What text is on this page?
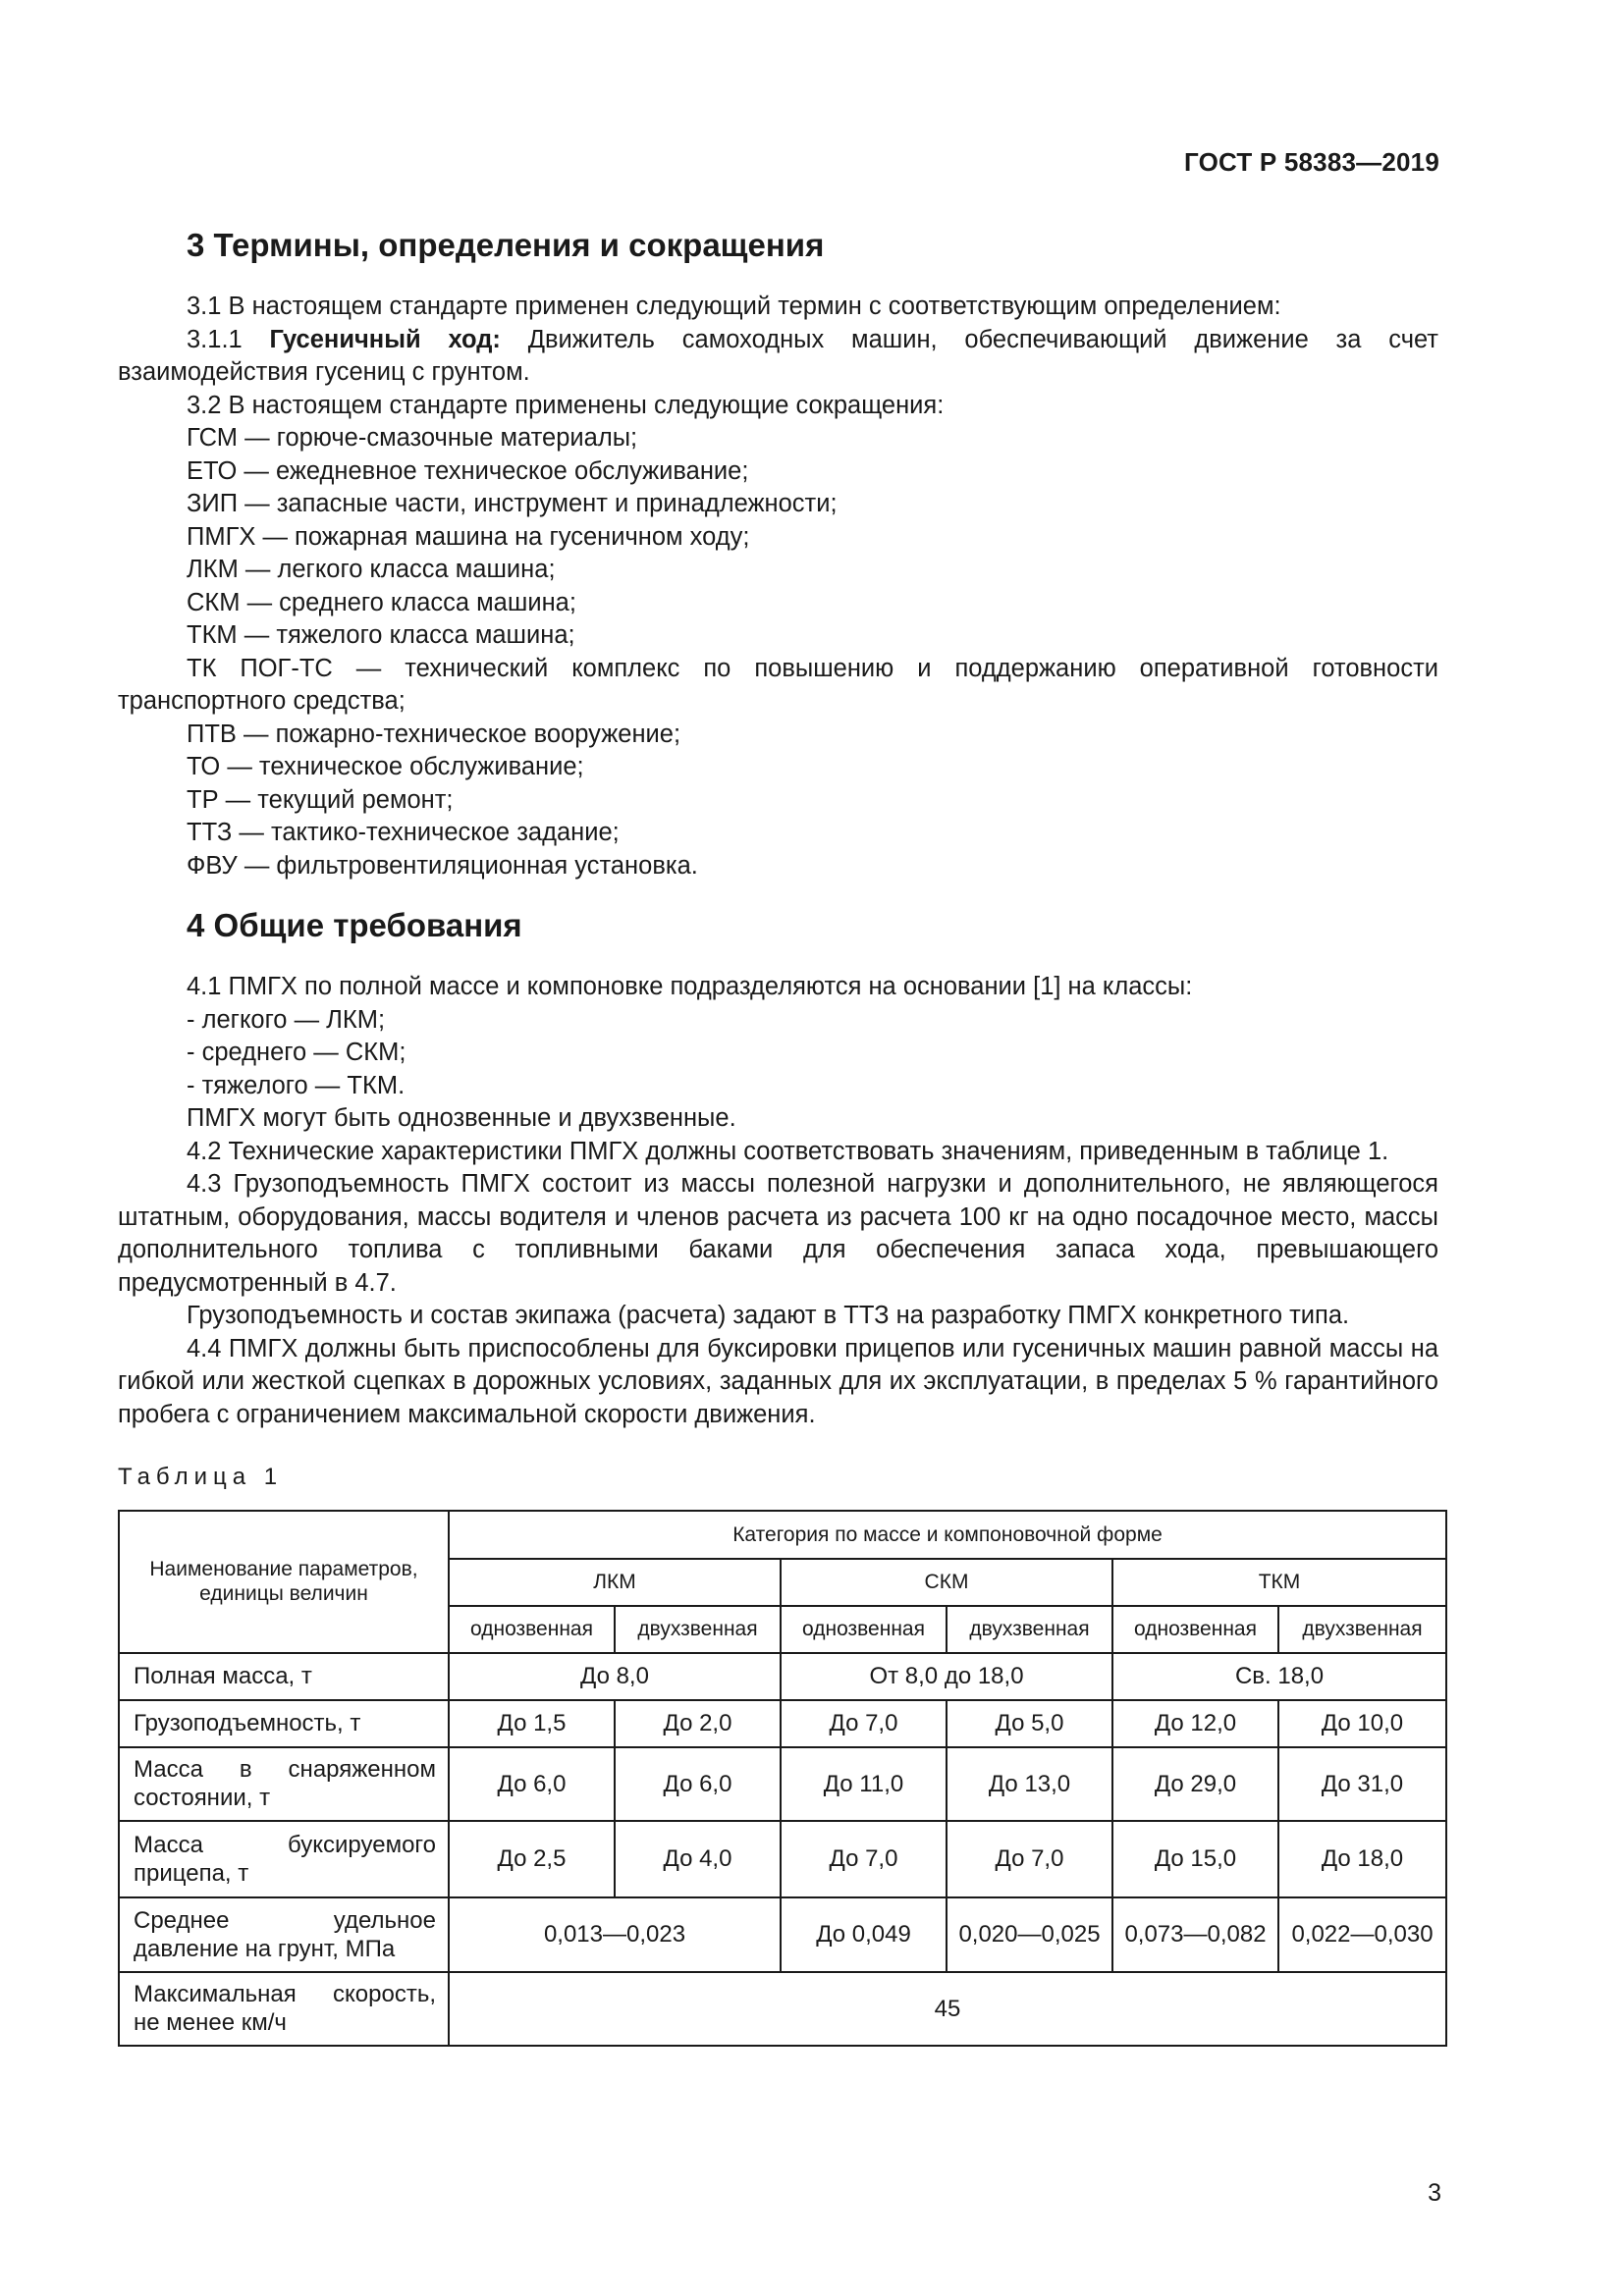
ГОСТ Р 58383—2019
3 Термины, определения и сокращения

3.1 В настоящем стандарте применен следующий термин с соответствующим определением:

3.1.1 Гусеничный ход: Движитель самоходных машин, обеспечивающий движение за счет взаимодействия гусениц с грунтом.

3.2 В настоящем стандарте применены следующие сокращения:

ГСМ — горюче-смазочные материалы;

ЕТО — ежедневное техническое обслуживание;

ЗИП — запасные части, инструмент и принадлежности;

ПМГХ — пожарная машина на гусеничном ходу;

ЛКМ — легкого класса машина;

СКМ — среднего класса машина;

ТКМ — тяжелого класса машина;

ТК ПОГ-ТС — технический комплекс по повышению и поддержанию оперативной готовности транспортного средства;

ПТВ — пожарно-техническое вооружение;

ТО — техническое обслуживание;

ТР — текущий ремонт;

ТТЗ — тактико-техническое задание;

ФВУ — фильтровентиляционная установка.

4 Общие требования

4.1 ПМГХ по полной массе и компоновке подразделяются на основании [1] на классы:

- легкого — ЛКМ;

- среднего — СКМ;

- тяжелого — ТКМ.

ПМГХ могут быть однозвенные и двухзвенные.

4.2 Технические характеристики ПМГХ должны соответствовать значениям, приведенным в таблице 1.

4.3 Грузоподъемность ПМГХ состоит из массы полезной нагрузки и дополнительного, не являющегося штатным, оборудования, массы водителя и членов расчета из расчета 100 кг на одно посадочное место, массы дополнительного топлива с топливными баками для обеспечения запаса хода, превышающего предусмотренный в 4.7.

Грузоподъемность и состав экипажа (расчета) задают в ТТЗ на разработку ПМГХ конкретного типа.

4.4 ПМГХ должны быть приспособлены для буксировки прицепов или гусеничных машин равной массы на гибкой или жесткой сцепках в дорожных условиях, заданных для их эксплуатации, в пределах 5 % гарантийного пробега с ограничением максимальной скорости движения.

Таблица 1
Наименование параметров, единицы величин	Категория по массе и компоновочной форме					
	ЛКМ		СКМ		ТКМ	
	однозвенная	двухзвенная	однозвенная	двухзвенная	однозвенная	двухзвенная
Полная масса, т	До 8,0		От 8,0 до 18,0		Св. 18,0	
Грузоподъемность, т	До 1,5	До 2,0	До 7,0	До 5,0	До 12,0	До 10,0
Масса в снаряженном состоянии, т	До 6,0	До 6,0	До 11,0	До 13,0	До 29,0	До 31,0
Масса буксируемого прицепа, т	До 2,5	До 4,0	До 7,0	До 7,0	До 15,0	До 18,0
Среднее удельное давление на грунт, МПа	0,013—0,023		До 0,049	0,020—0,025	0,073—0,082	0,022—0,030
Максимальная скорость, не менее км/ч	45					
3
